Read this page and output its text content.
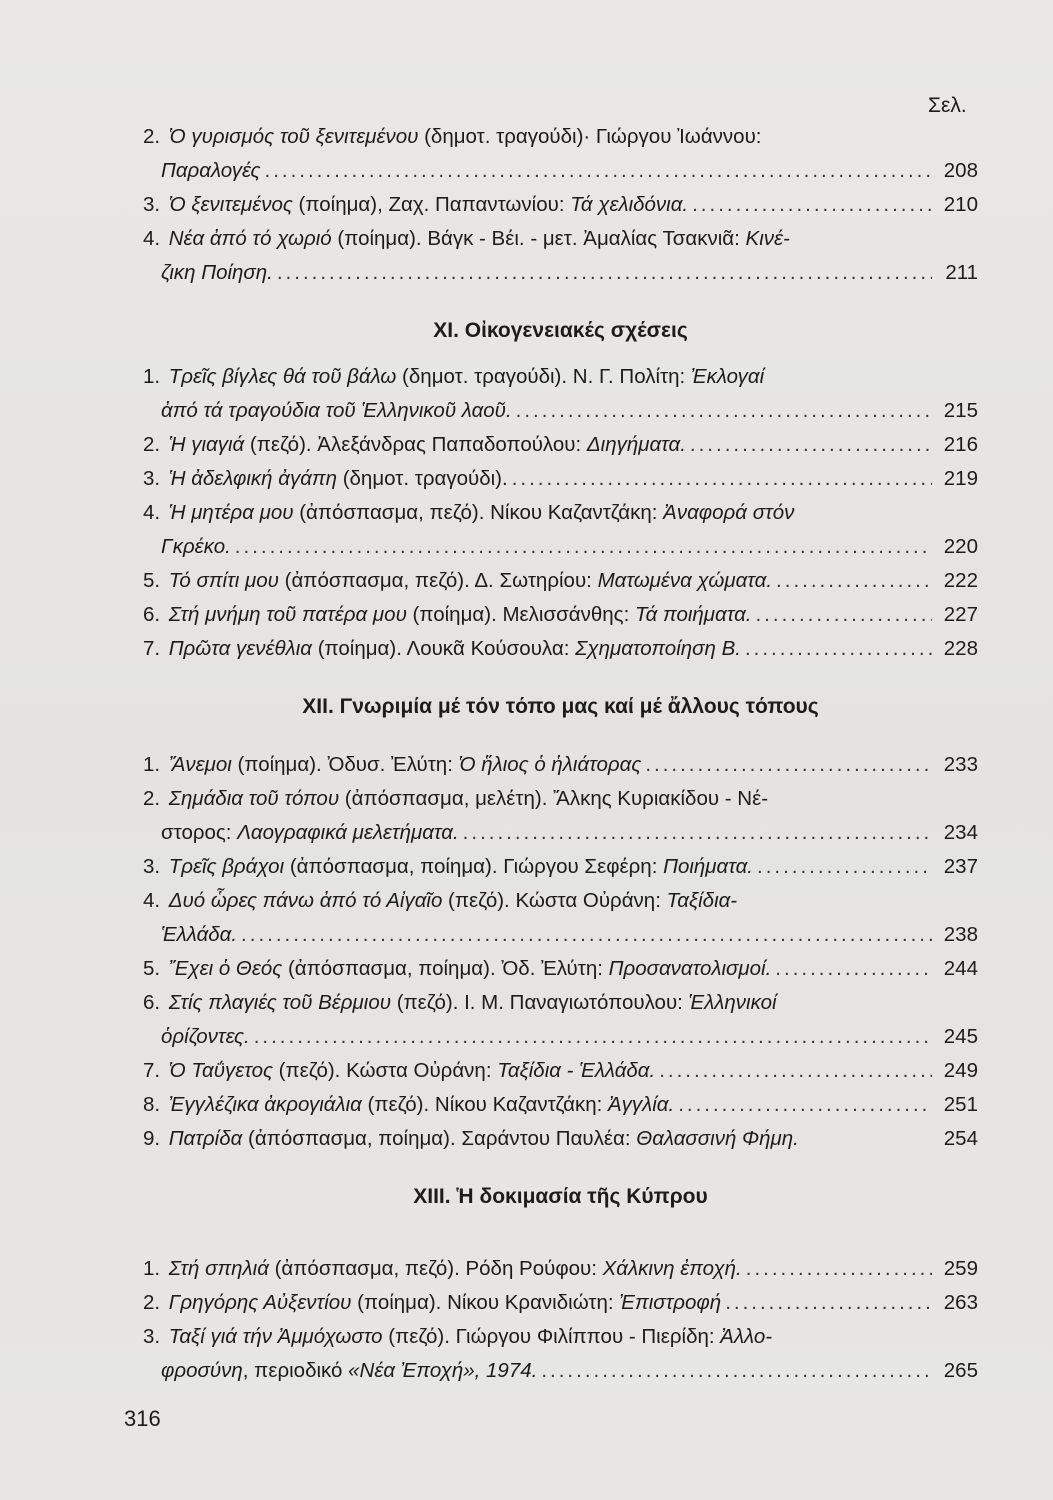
Σελ.
2. Ὁ γυρισμός τοῦ ξενιτεμένου (δημοτ. τραγούδι)· Γιώργου Ἰωάννου:
Παραλογές .....	208
3. Ὁ ξενιτεμένος (ποίημα), Ζαχ. Παπαντωνίου: Τά χελιδόνια. .....	210
4. Νέα ἀπό τό χωριό (ποίημα). Βάγκ - Βέι. - μετ. Ἀμαλίας Τσακνιᾶ: Κινέ-
ζικη Ποίηση. .....	211
XI. Οἰκογενειακές σχέσεις
1. Τρεῖς βίγλες θά τοῦ βάλω (δημοτ. τραγούδι). Ν. Γ. Πολίτη: Ἐκλογαί
ἀπό τά τραγούδια τοῦ Ἑλληνικοῦ λαοῦ. .....	215
2. Ἡ γιαγιά (πεζό). Ἀλεξάνδρας Παπαδοπούλου: Διηγήματα. .....	216
3. Ἡ ἀδελφική ἀγάπη (δημοτ. τραγούδι). .....	219
4. Ἡ μητέρα μου (ἀπόσπασμα, πεζό). Νίκου Καζαντζάκη: Ἀναφορά στόν
Γκρέκο. .....	220
5. Τό σπίτι μου (ἀπόσπασμα, πεζό). Δ. Σωτηρίου: Ματωμένα χώματα. .....	222
6. Στή μνήμη τοῦ πατέρα μου (ποίημα). Μελισσάνθης: Τά ποιήματα. .....	227
7. Πρῶτα γενέθλια (ποίημα). Λουκᾶ Κούσουλα: Σχηματοποίηση Β. .....	228
XII. Γνωριμία μέ τόν τόπο μας καί μέ ἄλλους τόπους
1. Ἄνεμοι (ποίημα). Ὀδυσ. Ἐλύτη: Ὁ ἥλιος ὁ ἡλιάτορας .....	233
2. Σημάδια τοῦ τόπου (ἀπόσπασμα, μελέτη). Ἄλκης Κυριακίδου - Νέ-
στορος: Λαογραφικά μελετήματα. .....	234
3. Τρεῖς βράχοι (ἀπόσπασμα, ποίημα). Γιώργου Σεφέρη: Ποιήματα. .....	237
4. Δυό ὧρες πάνω ἀπό τό Αἰγαῖο (πεζό). Κώστα Οὐράνη: Ταξίδια-
Ἑλλάδα. .....	238
5. Ἔχει ὁ Θεός (ἀπόσπασμα, ποίημα). Ὀδ. Ἐλύτη: Προσανατολισμοί. .....	244
6. Στίς πλαγιές τοῦ Βέρμιου (πεζό). Ι. Μ. Παναγιωτόπουλου: Ἑλληνικοί
ὁρίζοντες. .....	245
7. Ὁ Ταΰγετος (πεζό). Κώστα Οὐράνη: Ταξίδια - Ἑλλάδα. .....	249
8. Ἐγγλέζικα ἀκρογιάλια (πεζό). Νίκου Καζαντζάκη: Ἀγγλία. .....	251
9. Πατρίδα (ἀπόσπασμα, ποίημα). Σαράντου Παυλέα: Θαλασσινή Φήμη.	254
XIII. Ἡ δοκιμασία τῆς Κύπρου
1. Στή σπηλιά (ἀπόσπασμα, πεζό). Ρόδη Ρούφου: Χάλκινη ἐποχή. .....	259
2. Γρηγόρης Αὐξεντίου (ποίημα). Νίκου Κρανιδιώτη: Ἐπιστροφή .....	263
3. Ταξί γιά τήν Ἀμμόχωστο (πεζό). Γιώργου Φιλίππου - Πιερίδη: Ἀλλο-
φροσύνη, περιοδικό «Νέα Ἐποχή», 1974. .....	265
316
